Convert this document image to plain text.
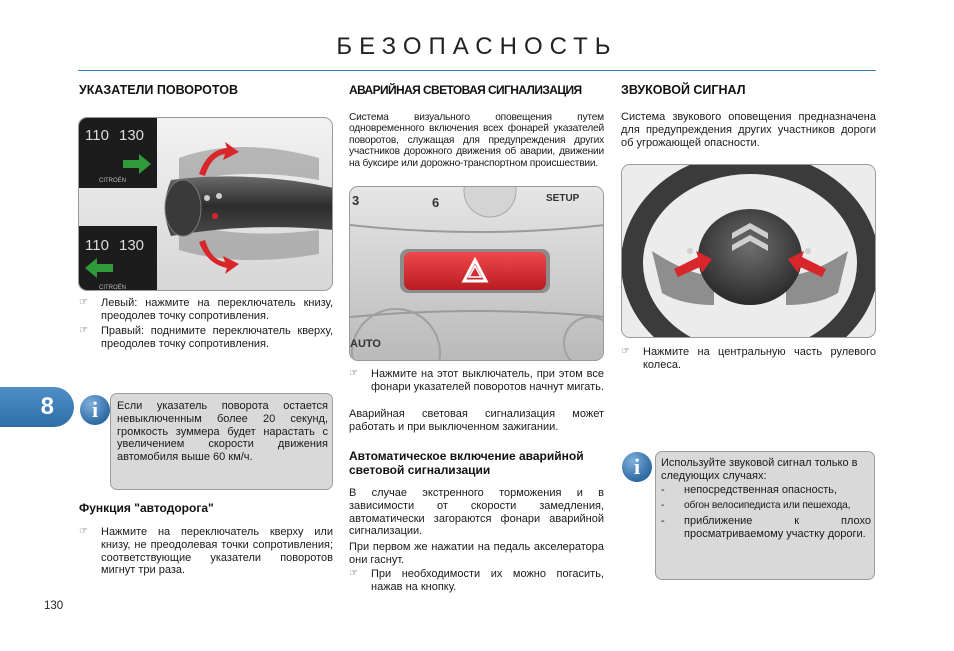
БЕЗОПАСНОСТЬ
УКАЗАТЕЛИ ПОВОРОТОВ
110 130
CITROËN
110 130
CITROËN
☞ Левый: нажмите на переключатель книзу, преодолев точку сопротивления.
☞ Правый: поднимите переключатель кверху, преодолев точку сопротивления.
8	i	Если указатель поворота остается невыключенным более 20 секунд, громкость зуммера будет нарастать с увеличением скорости движения автомобиля выше 60 км/ч.
Функция "автодорога"
☞ Нажмите на переключатель кверху или книзу, не преодолевая точки сопротивления; соответствующие указатели поворотов мигнут три раза.
130
АВАРИЙНАЯ СВЕТОВАЯ СИГНАЛИЗАЦИЯ
Система визуального оповещения путем одновременного включения всех фонарей указателей поворотов, служащая для предупреждения других участников дорожного движения об аварии, движении на буксире или дорожно-транспортном происшествии.
3	6	SETUP
AUTO
☞ Нажмите на этот выключатель, при этом все фонари указателей поворотов начнут мигать.
Аварийная световая сигнализация может работать и при выключенном зажигании.
Автоматическое включение аварийной световой сигнализации
В случае экстренного торможения и в зависимости от скорости замедления, автоматически загораются фонари аварийной сигнализации.
При первом же нажатии на педаль акселератора они гаснут.
☞ При необходимости их можно погасить, нажав на кнопку.
ЗВУКОВОЙ СИГНАЛ
Система звукового оповещения предназначена для предупреждения других участников дороги об угрожающей опасности.
☞ Нажмите на центральную часть рулевого колеса.
i	Используйте звуковой сигнал только в следующих случаях:
- непосредственная опасность,
- обгон велосипедиста или пешехода,
- приближение к плохо просматриваемому участку дороги.
